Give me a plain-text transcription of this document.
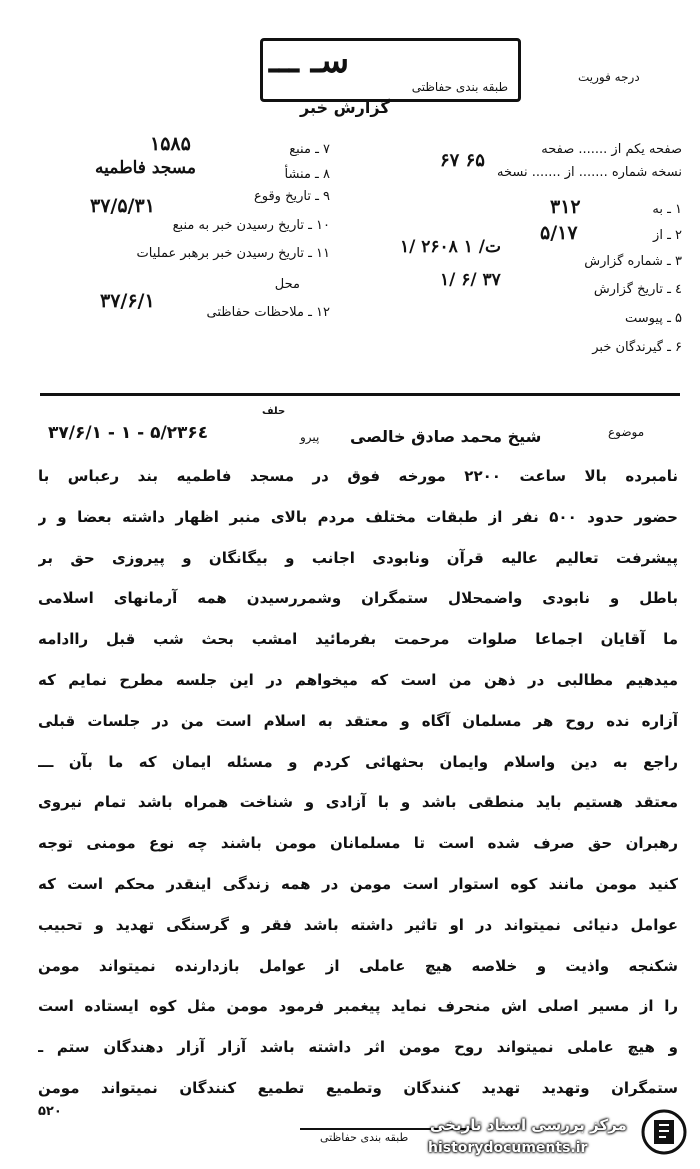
سـ ـــ
طبقه بندی حفاظتی
گزارش خبر
درجه فوریت
صفحه یکم از ....... صفحه
نسخه شماره ....... از ....... نسخه
۶۷ ۶۵
۱ ـ به
۳۱۲
۲ ـ از
۵/۱۷
۳ ـ شماره گزارش
۱/ ۲۶۰۸ ت/ ۱
٤ ـ تاریخ گزارش
۱/ ۶/ ۳۷
۵ ـ پیوست
۶ ـ گیرندگان خبر
۷ ـ منبع
۱۵۸۵
۸ ـ منشأ
مسجد فاطمیه
۹ ـ تاریخ وقوع
۳۷/۵/۳۱
۱۰ ـ تاریخ رسیدن خبر به منبع
۱۱ ـ تاریخ رسیدن خبر برهبر عملیات
محل
۳۷/۶/۱
۱۲ ـ ملاحظات حفاظتی
موضوع
شیخ محمد صادق خالصی
پیرو
حلف
۳۷/۶/۱ - ۱ - ۵/۲۳۶٤
نامبرده بالا ساعت ۲۲۰۰ مورخه فوق در مسجد فاطمیه بند رعباس با
حضور حدود ۵۰۰ نفر از طبقات مختلف مردم بالای منبر اظهار داشته بعضا و ر
پیشرفت تعالیم عالیه قرآن ونابودی اجانب و بیگانگان و پیروزی حق بر
باطل و نابودی واضمحلال ستمگران وشمررسیدن همه آرمانهای اسلامی
ما آقایان اجماعا صلوات مرحمت بفرمائید امشب بحث شب قبل راادامه
میدهیم مطالبی در ذهن من است که میخواهم در این جلسه مطرح نمایم که
آزاره نده روح هر مسلمان آگاه و معتقد به اسلام است من در جلسات قبلی
راجع به دین واسلام وایمان بحثهائی کردم و مسئله ایمان که ما بآن ـــ
معتقد هستیم باید منطقی باشد و با آزادی و شناخت همراه باشد تمام نیروی
رهبران حق صرف شده است تا مسلمانان مومن باشند چه نوع مومنی توجه
کنید مومن مانند کوه استوار است مومن در همه زندگی اینقدر محکم است که
عوامل دنیائی نمیتواند در او تاثیر داشته باشد فقر و گرسنگی تهدید و تحبیب
شکنجه واذیت و خلاصه هیچ عاملی از عوامل بازدارنده نمیتواند مومن
را از مسیر اصلی اش منحرف نماید پیغمبر فرمود مومن مثل کوه ایستاده است
و هیچ عاملی نمیتواند روح مومن اثر داشته باشد آزار آزار دهندگان ستم ـ
ستمگران وتهدید تهدید کنندگان وتطمیع تطمیع کنندگان نمیتواند مومن
۵۲۰
طبقه بندی حفاظتی
مرکز بررسی اسناد تاریخی
historydocuments.ir
